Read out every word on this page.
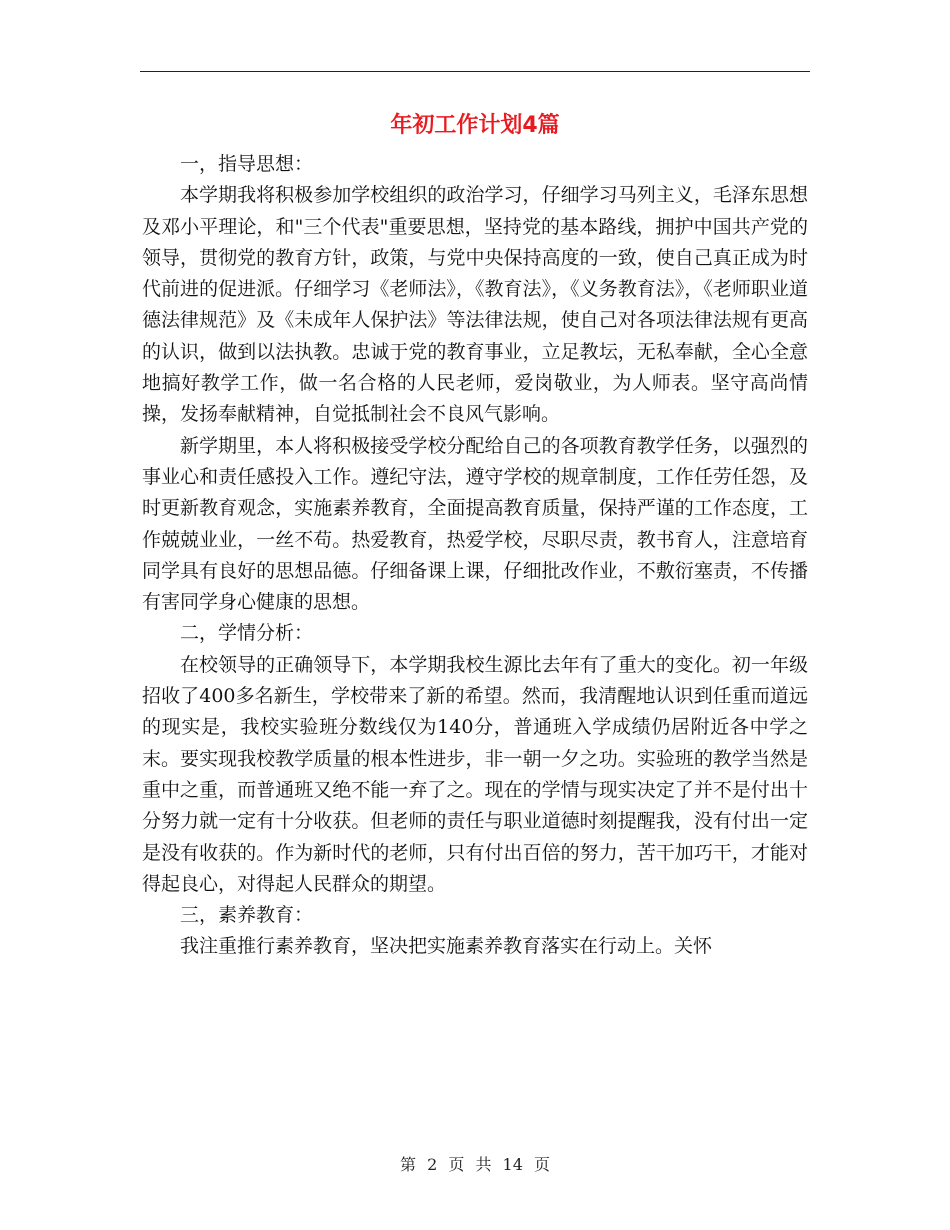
年初工作计划4篇

一，指导思想：

本学期我将积极参加学校组织的政治学习，仔细学习马列主义，毛泽东思想及邓小平理论，和"三个代表"重要思想，坚持党的基本路线，拥护中国共产党的领导，贯彻党的教育方针，政策，与党中央保持高度的一致，使自己真正成为时代前进的促进派。仔细学习《老师法》，《教育法》，《义务教育法》，《老师职业道德法律规范》及《未成年人保护法》等法律法规，使自己对各项法律法规有更高的认识，做到以法执教。忠诚于党的教育事业，立足教坛，无私奉献，全心全意地搞好教学工作，做一名合格的人民老师，爱岗敬业，为人师表。坚守高尚情操，发扬奉献精神，自觉抵制社会不良风气影响。

新学期里，本人将积极接受学校分配给自己的各项教育教学任务，以强烈的事业心和责任感投入工作。遵纪守法，遵守学校的规章制度，工作任劳任怨，及时更新教育观念，实施素养教育，全面提高教育质量，保持严谨的工作态度，工作兢兢业业，一丝不苟。热爱教育，热爱学校，尽职尽责，教书育人，注意培育同学具有良好的思想品德。仔细备课上课，仔细批改作业，不敷衍塞责，不传播有害同学身心健康的思想。

二，学情分析：

在校领导的正确领导下，本学期我校生源比去年有了重大的变化。初一年级招收了400多名新生，学校带来了新的希望。然而，我清醒地认识到任重而道远的现实是，我校实验班分数线仅为140分，普通班入学成绩仍居附近各中学之末。要实现我校教学质量的根本性进步，非一朝一夕之功。实验班的教学当然是重中之重，而普通班又绝不能一弃了之。现在的学情与现实决定了并不是付出十分努力就一定有十分收获。但老师的责任与职业道德时刻提醒我，没有付出一定是没有收获的。作为新时代的老师，只有付出百倍的努力，苦干加巧干，才能对得起良心，对得起人民群众的期望。

三，素养教育：

我注重推行素养教育，坚决把实施素养教育落实在行动上。关怀

第 2 页 共 14 页
